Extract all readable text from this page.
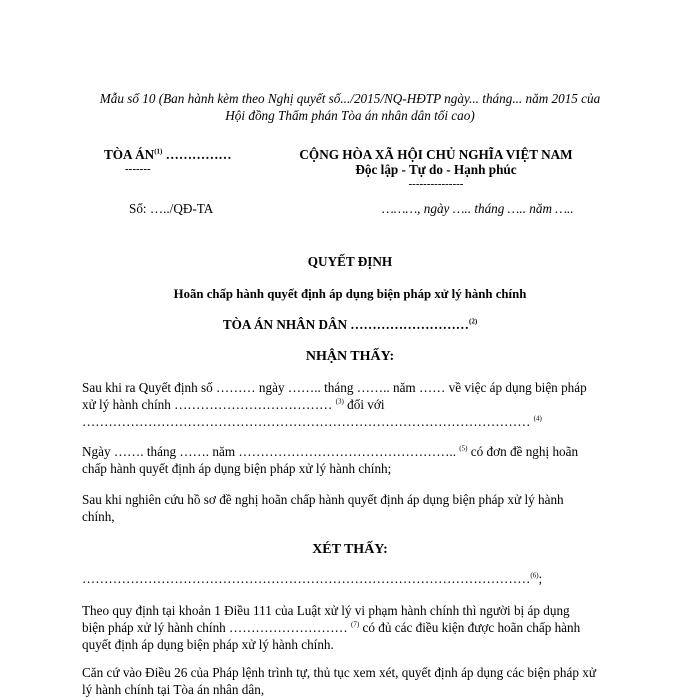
Mẫu số 10 (Ban hành kèm theo Nghị quyết số.../2015/NQ-HĐTP ngày... tháng... năm 2015 của
Hội đồng Thẩm phán Tòa án nhân dân tối cao)
TÒA ÁN$^{(1)}$ ……………
-------
Số: …../QĐ-TA
CỘNG HÒA XÃ HỘI CHỦ NGHĨA VIỆT NAM
Độc lập - Tự do - Hạnh phúc
---------------
………, ngày ….. tháng ….. năm …..
QUYẾT ĐỊNH
Hoãn chấp hành quyết định áp dụng biện pháp xử lý hành chính
TÒA ÁN NHÂN DÂN ………………………$^{(2)}$
NHẬN THẤY:
Sau khi ra Quyết định số ……… ngày …….. tháng …….. năm …… về việc áp dụng biện pháp
xử lý hành chính ……………………………… $^{(3)}$ đối với
………………………………………………………………………………………… $^{(4)}$
Ngày ……. tháng ……. năm ………………………………………….. $^{(5)}$ có đơn đề nghị hoãn
chấp hành quyết định áp dụng biện pháp xử lý hành chính;
Sau khi nghiên cứu hồ sơ đề nghị hoãn chấp hành quyết định áp dụng biện pháp xử lý hành
chính,
XÉT THẤY:
…………………………………………………………………………………………$^{(6)}$;
Theo quy định tại khoản 1 Điều 111 của Luật xử lý vi phạm hành chính thì người bị áp dụng
biện pháp xử lý hành chính ……………………… $^{(7)}$ có đủ các điều kiện được hoãn chấp hành
quyết định áp dụng biện pháp xử lý hành chính.
Căn cứ vào Điều 26 của Pháp lệnh trình tự, thủ tục xem xét, quyết định áp dụng các biện pháp xử
lý hành chính tại Tòa án nhân dân,
